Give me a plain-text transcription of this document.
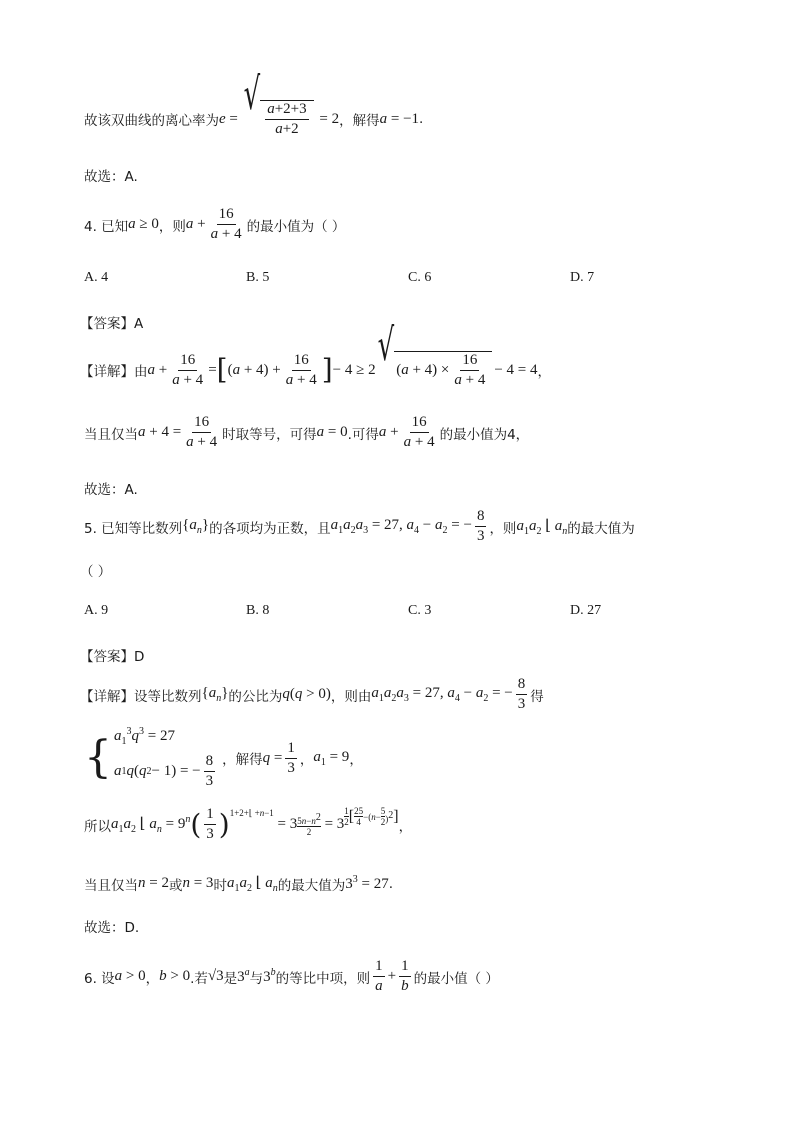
故该双曲线的离心率为 e = √ $\frac{a+2+3}{a+2} = 2$ ，解得 a = −1 .
故选：A.
4. 已知 a ≥ 0 ，则 $a + \frac{16}{a + 4}$ 的最小值为（ ）
A. 4	B. 5	C. 6	D. 7
【答案】A
【详解】由 $a + \frac{16}{a + 4}$ = [ $(a + 4) + \frac{16}{a + 4}$ ] − 4 ≥ 2 √ $(a + 4) \times \frac{16}{a + 4} - 4 = 4$ ，
当且仅当 $a + 4 = \frac{16}{a + 4}$ 时取等号，可得 a = 0 .可得 $a + \frac{16}{a + 4}$ 的最小值为 4，
故选：A.
5. 已知等比数列 $\{a_n\}$ 的各项均为正数，且 $a_1a_2a_3 = 27$, $a_4 - a_2$ = − $\frac{8}{3}$ ，则 $a_1a_2$ ⌊ $a_n$ 的最大值为
（ ）
A. 9	B. 8	C. 3	D. 27
【答案】D
【详解】设等比数列 $\{a_n\}$ 的公比为 q(q > 0) ，则由 $a_1a_2a_3 = 27$, $a_4 - a_2$ = − $\frac{8}{3}$ 得
{ $a_1^3q^3 = 27$
a 1 q ( q 2 − 1) = − $\frac{8}{3}$ ，解得 $q = \frac{1}{3}$ ， $a_1 = 9$ ，
所以 $a_1a_2$ ⌊ $a_n = 9^n$ ( $\frac{1}{3}$ ) 1+2+⌊ +n−1
= $3 \frac{5n-n^2}{2} = 3$
1
2 [ 25
4
$-(n- \frac{5}{2} )^2$ ]
，
当且仅当 n = 2 或 n = 3 时 $a_1a_2$ ⌊ $a_n$ 的最大值为 $3^3 = 27$ .
故选：D.
6. 设 a > 0 ， b > 0 .若 √3 是 3$^a$ 与 3$^b$ 的等比中项，则 $\frac{1}{a} + \frac{1}{b}$ 的最小值（ ）
